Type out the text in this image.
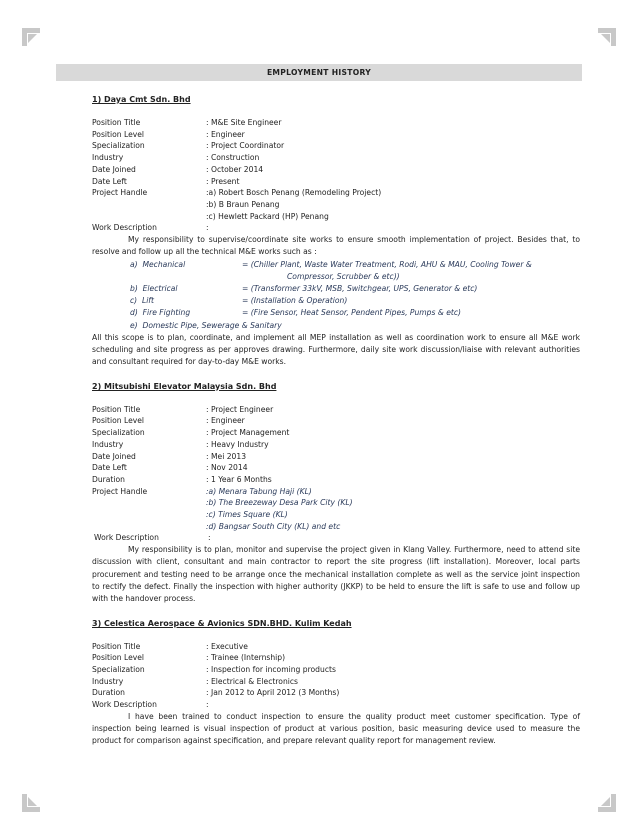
EMPLOYMENT HISTORY
1) Daya Cmt Sdn. Bhd
Position Title	: M&E Site Engineer
Position Level	: Engineer
Specialization	: Project Coordinator
Industry	: Construction
Date Joined	: October 2014
Date Left	: Present
Project Handle	:a) Robert Bosch Penang (Remodeling Project)
:b) B Braun Penang
:c) Hewlett Packard (HP) Penang
Work Description	:
My responsibility to supervise/coordinate site works to ensure smooth implementation of project. Besides that, to resolve and follow up all the technical M&E works such as :
a) Mechanical	= (Chiller Plant, Waste Water Treatment, Rodi, AHU & MAU, Cooling Tower &
Compressor, Scrubber & etc))
b) Electrical	= (Transformer 33kV, MSB, Switchgear, UPS, Generator & etc)
c) Lift	= (Installation & Operation)
d) Fire Fighting	= (Fire Sensor, Heat Sensor, Pendent Pipes, Pumps & etc)
e) Domestic Pipe, Sewerage & Sanitary
All this scope is to plan, coordinate, and implement all MEP installation as well as coordination work to ensure all M&E work scheduling and site progress as per approves drawing. Furthermore, daily site work discussion/liaise with relevant authorities and consultant required for day-to-day M&E works.
2) Mitsubishi Elevator Malaysia Sdn. Bhd
Position Title	: Project Engineer
Position Level	: Engineer
Specialization	: Project Management
Industry	: Heavy Industry
Date Joined	: Mei 2013
Date Left	: Nov 2014
Duration	: 1 Year 6 Months
Project Handle	:a) Menara Tabung Haji (KL)
:b) The Breezeway Desa Park City (KL)
:c) Times Square (KL)
:d) Bangsar South City (KL) and etc
Work Description	:
My responsibility is to plan, monitor and supervise the project given in Klang Valley. Furthermore, need to attend site discussion with client, consultant and main contractor to report the site progress (lift installation). Moreover, local parts procurement and testing need to be arrange once the mechanical installation complete as well as the service joint inspection to rectify the defect. Finally the inspection with higher authority (JKKP) to be held to ensure the lift is safe to use and follow up with the handover process.
3) Celestica Aerospace & Avionics SDN.BHD. Kulim Kedah
Position Title	: Executive
Position Level	: Trainee (Internship)
Specialization	: Inspection for incoming products
Industry	: Electrical & Electronics
Duration	: Jan 2012 to April 2012 (3 Months)
Work Description	:
I have been trained to conduct inspection to ensure the quality product meet customer specification. Type of inspection being learned is visual inspection of product at various position, basic measuring device used to measure the product for comparison against specification, and prepare relevant quality report for management review.
